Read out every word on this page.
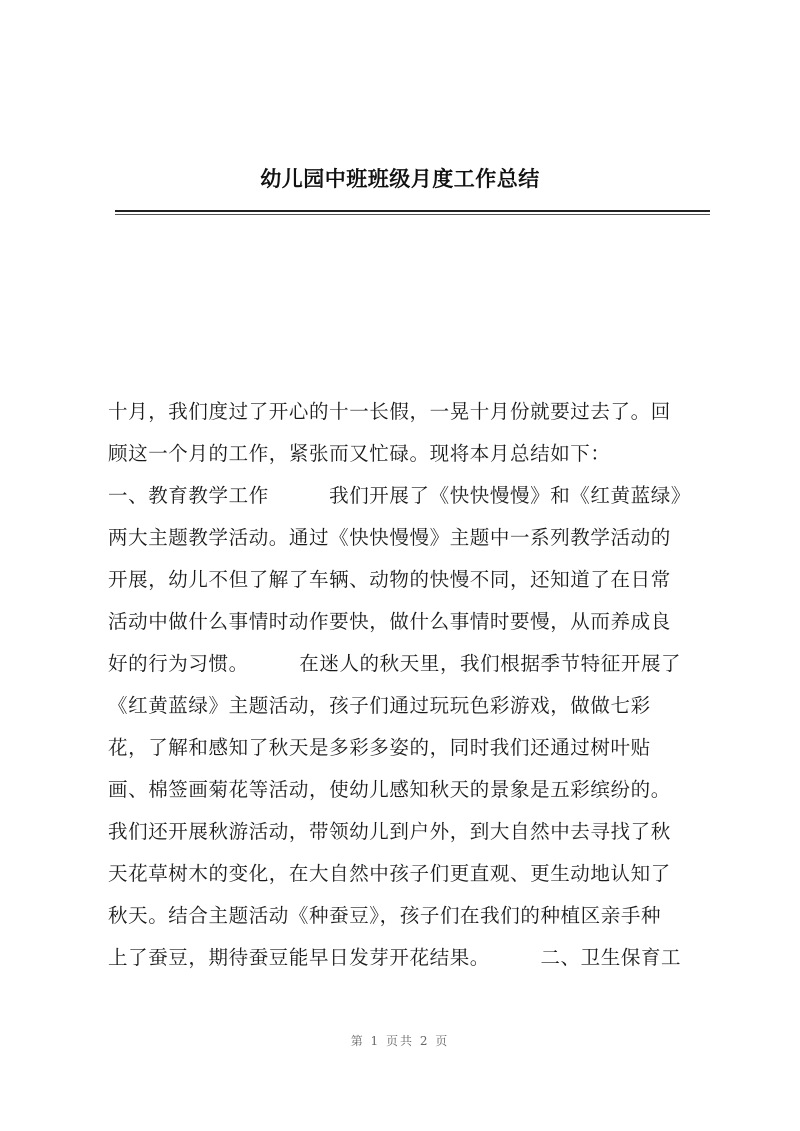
幼儿园中班班级月度工作总结
十月，我们度过了开心的十一长假，一晃十月份就要过去了。回
顾这一个月的工作，紧张而又忙碌。现将本月总结如下：
一、教育教学工作　　　我们开展了《快快慢慢》和《红黄蓝绿》
两大主题教学活动。通过《快快慢慢》主题中一系列教学活动的
开展，幼儿不但了解了车辆、动物的快慢不同，还知道了在日常
活动中做什么事情时动作要快，做什么事情时要慢，从而养成良
好的行为习惯。　　　在迷人的秋天里，我们根据季节特征开展了
《红黄蓝绿》主题活动，孩子们通过玩玩色彩游戏，做做七彩
花，了解和感知了秋天是多彩多姿的，同时我们还通过树叶贴
画、棉签画菊花等活动，使幼儿感知秋天的景象是五彩缤纷的。
我们还开展秋游活动，带领幼儿到户外，到大自然中去寻找了秋
天花草树木的变化，在大自然中孩子们更直观、更生动地认知了
秋天。结合主题活动《种蚕豆》，孩子们在我们的种植区亲手种
上了蚕豆，期待蚕豆能早日发芽开花结果。　　　二、卫生保育工
第 1 页共 2 页
